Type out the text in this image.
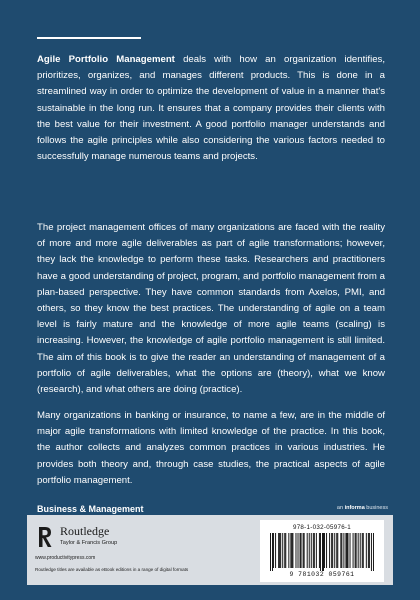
Agile Portfolio Management deals with how an organization identifies, prioritizes, organizes, and manages different products. This is done in a streamlined way in order to optimize the development of value in a manner that's sustainable in the long run. It ensures that a company provides their clients with the best value for their investment. A good portfolio manager understands and follows the agile principles while also considering the various factors needed to successfully manage numerous teams and projects.

The project management offices of many organizations are faced with the reality of more and more agile deliverables as part of agile transformations; however, they lack the knowledge to perform these tasks. Researchers and practitioners have a good understanding of project, program, and portfolio management from a plan-based perspective. They have common standards from Axelos, PMI, and others, so they know the best practices. The understanding of agile on a team level is fairly mature and the knowledge of more agile teams (scaling) is increasing. However, the knowledge of agile portfolio management is still limited. The aim of this book is to give the reader an understanding of management of a portfolio of agile deliverables, what the options are (theory), what we know (research), and what others are doing (practice).

Many organizations in banking or insurance, to name a few, are in the middle of major agile transformations with limited knowledge of the practice. In this book, the author collects and analyzes common practices in various industries. He provides both theory and, through case studies, the practical aspects of agile portfolio management.

Business & Management	an informa business
Routledge
Taylor & Francis Group
www.productivitypress.com
Routledge titles are available as eBook editions in a range of digital formats
978-1-032-05976-1
9 781032 059761
